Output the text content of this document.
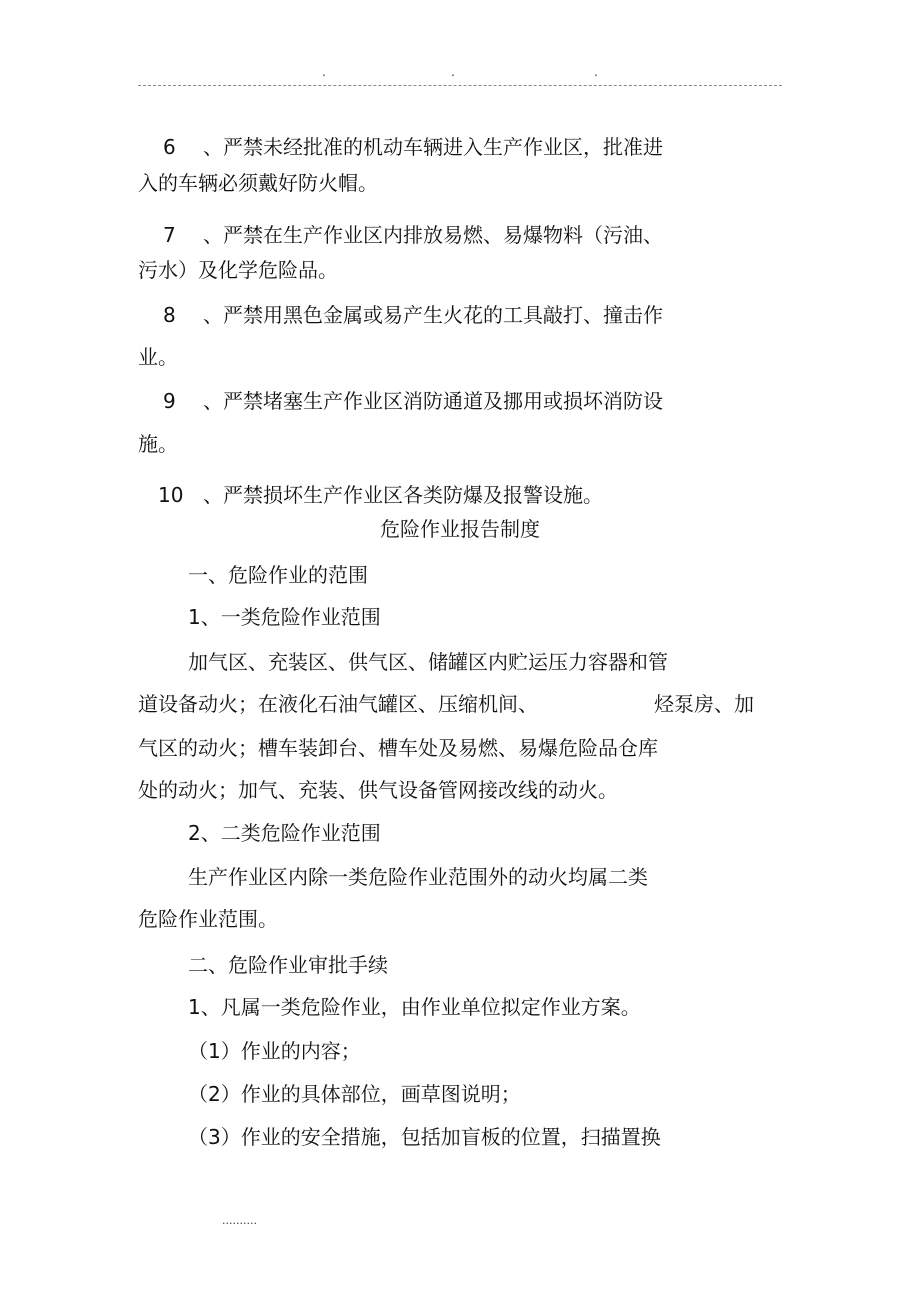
.	.	.
6 、严禁未经批准的机动车辆进入生产作业区，批准进
入的车辆必须戴好防火帽。
7 、严禁在生产作业区内排放易燃、易爆物料（污油、
污水）及化学危险品。
8 、严禁用黑色金属或易产生火花的工具敲打、撞击作
业。
9 、严禁堵塞生产作业区消防通道及挪用或损坏消防设
施。
10 、严禁损坏生产作业区各类防爆及报警设施。
危险作业报告制度
一、危险作业的范围
1、一类危险作业范围
加气区、充装区、供气区、储罐区内贮运压力容器和管
道设备动火；在液化石油气罐区、压缩机间、	烃泵房、加
气区的动火；槽车装卸台、槽车处及易燃、易爆危险品仓库
处的动火；加气、充装、供气设备管网接改线的动火。
2、二类危险作业范围
生产作业区内除一类危险作业范围外的动火均属二类
危险作业范围。
二、危险作业审批手续
1、凡属一类危险作业，由作业单位拟定作业方案。
（1）作业的内容；
（2）作业的具体部位，画草图说明；
（3）作业的安全措施，包括加盲板的位置，扫描置换
..........
